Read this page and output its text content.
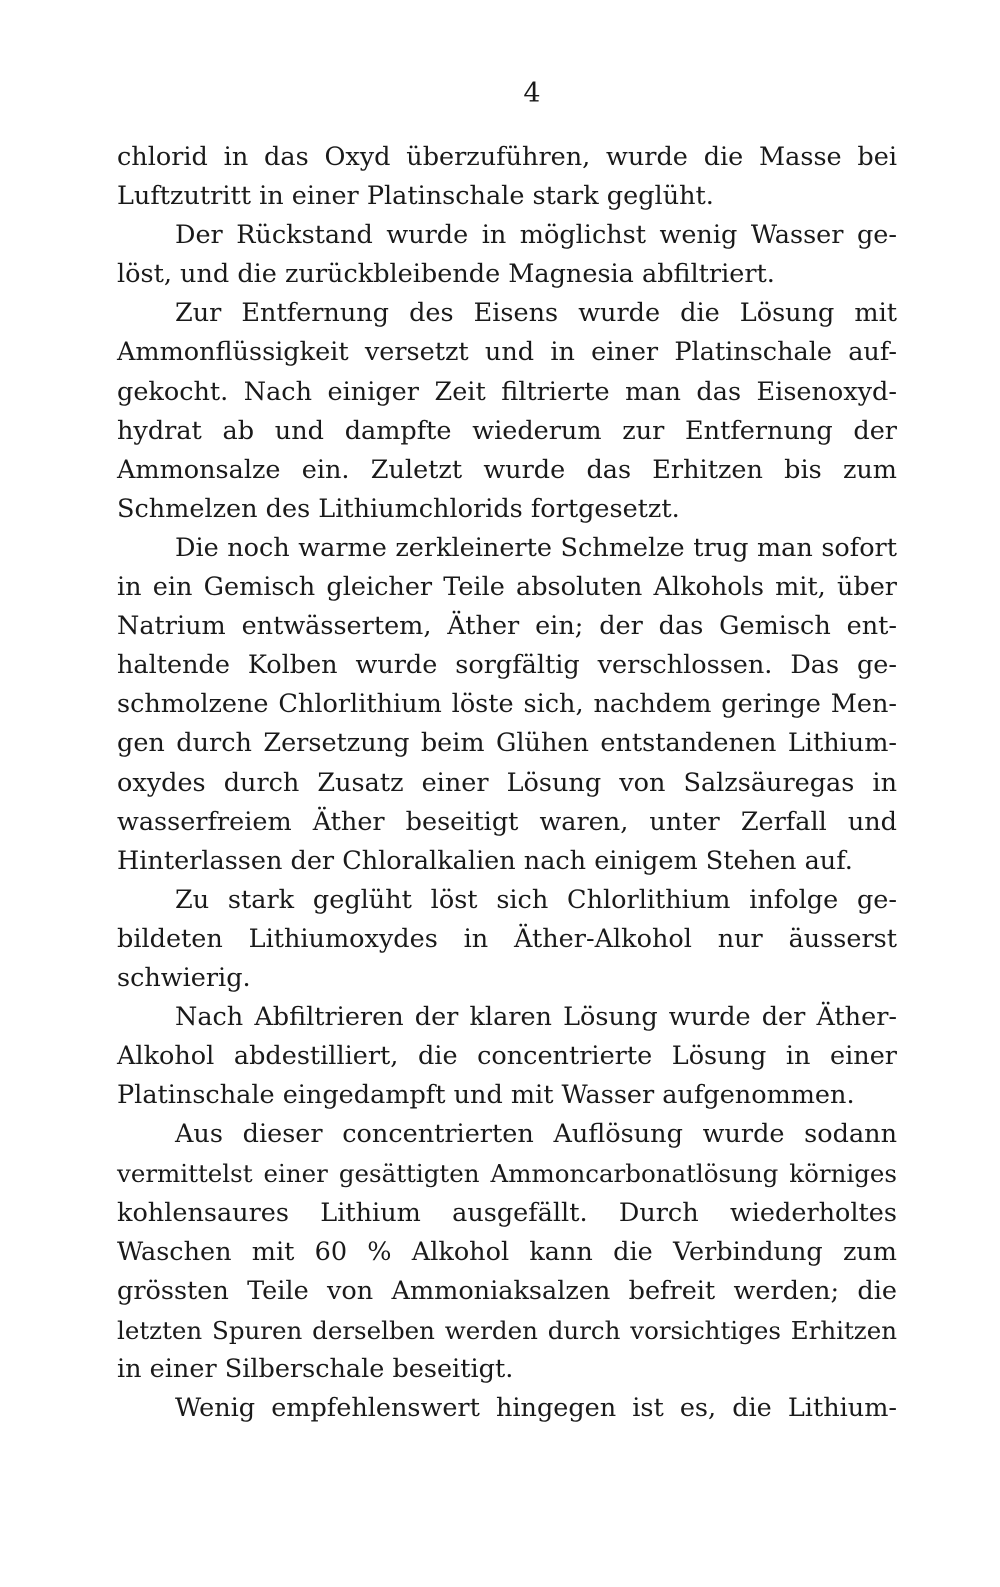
4
chlorid in das Oxyd überzuführen, wurde die Masse bei
Luftzutritt in einer Platinschale stark geglüht.
Der Rückstand wurde in möglichst wenig Wasser ge-
löst, und die zurückbleibende Magnesia abfiltriert.
Zur Entfernung des Eisens wurde die Lösung mit
Ammonflüssigkeit versetzt und in einer Platinschale auf-
gekocht. Nach einiger Zeit filtrierte man das Eisenoxyd-
hydrat ab und dampfte wiederum zur Entfernung der
Ammonsalze ein. Zuletzt wurde das Erhitzen bis zum
Schmelzen des Lithiumchlorids fortgesetzt.
Die noch warme zerkleinerte Schmelze trug man sofort
in ein Gemisch gleicher Teile absoluten Alkohols mit, über
Natrium entwässertem, Äther ein; der das Gemisch ent-
haltende Kolben wurde sorgfältig verschlossen. Das ge-
schmolzene Chlorlithium löste sich, nachdem geringe Men-
gen durch Zersetzung beim Glühen entstandenen Lithium-
oxydes durch Zusatz einer Lösung von Salzsäuregas in
wasserfreiem Äther beseitigt waren, unter Zerfall und
Hinterlassen der Chloralkalien nach einigem Stehen auf.
Zu stark geglüht löst sich Chlorlithium infolge ge-
bildeten Lithiumoxydes in Äther-Alkohol nur äusserst
schwierig.
Nach Abfiltrieren der klaren Lösung wurde der Äther-
Alkohol abdestilliert, die concentrierte Lösung in einer
Platinschale eingedampft und mit Wasser aufgenommen.
Aus dieser concentrierten Auflösung wurde sodann
vermittelst einer gesättigten Ammoncarbonatlösung körniges
kohlensaures Lithium ausgefällt. Durch wiederholtes
Waschen mit 60 % Alkohol kann die Verbindung zum
grössten Teile von Ammoniaksalzen befreit werden; die
letzten Spuren derselben werden durch vorsichtiges Erhitzen
in einer Silberschale beseitigt.
Wenig empfehlenswert hingegen ist es, die Lithium-
